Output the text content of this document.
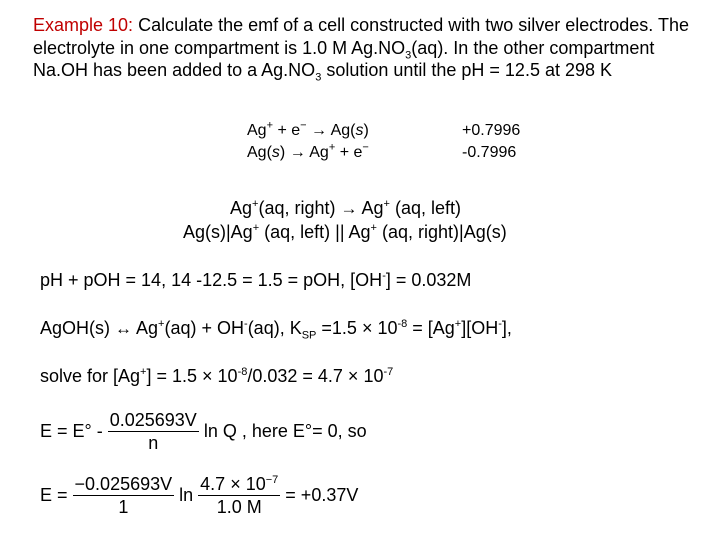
Example 10: Calculate the emf of a cell constructed with two silver electrodes. The electrolyte in one compartment is 1.0 M $Ag.NO_3(aq)$. In the other compartment Na.OH has been added to a $Ag.NO_3$ solution until the pH = 12.5 at 298 K
Ag+ + e− → Ag(s)	+0.7996
Ag(s) → Ag+ + e−	-0.7996
Ag+(aq, right) → Ag+ (aq, left)
Ag(s)|Ag+ (aq, left) || Ag+ (aq, right)|Ag(s)
pH + pOH = 14, 14 -12.5 = 1.5 = pOH, [OH-] = 0.032M
AgOH(s) ↔ Ag+(aq) + OH-(aq), $K_{SP} =1.5 \times 10^{-8} = [Ag^+][OH^-]$,
solve for $[Ag^+] = 1.5 \times 10^{-8}/0.032 = 4.7 \times 10^{-7}$
$E = E^\circ - \frac{0.025693V}{n}$ ln Q , here E°= 0, so
$E = \frac{-0.025693V}{1}$ $\ln \frac{4.7 \times 10^{-7}}{1.0 M} = +0.37V$
